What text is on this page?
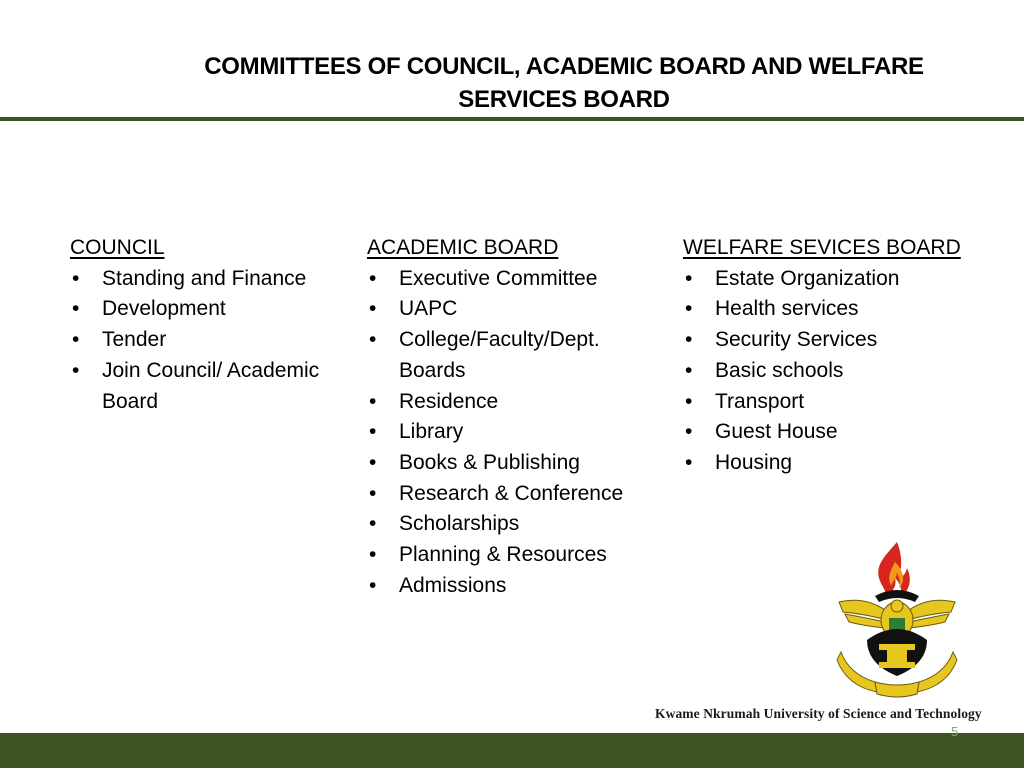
COMMITTEES OF COUNCIL, ACADEMIC BOARD AND WELFARE SERVICES BOARD
COUNCIL
• Standing and Finance
• Development
• Tender
• Join Council/ Academic Board
ACADEMIC BOARD
• Executive Committee
• UAPC
• College/Faculty/Dept. Boards
• Residence
• Library
• Books & Publishing
• Research & Conference
• Scholarships
• Planning & Resources
• Admissions
WELFARE SEVICES BOARD
• Estate Organization
• Health services
• Security Services
• Basic schools
• Transport
• Guest House
• Housing
Kwame Nkrumah University of Science and Technology
5
